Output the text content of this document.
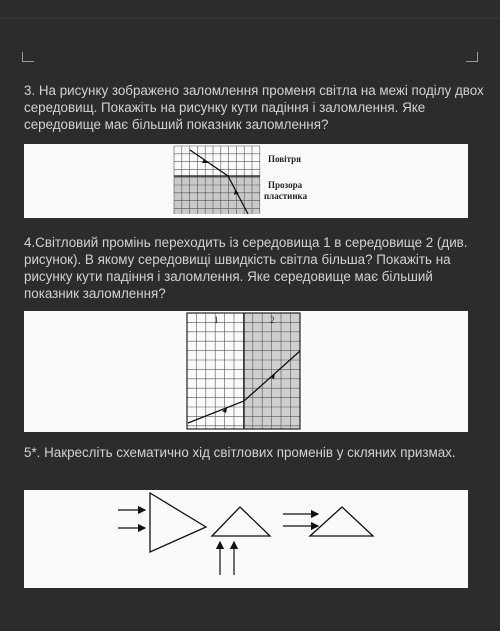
3. На рисунку зображено заломлення променя світла на межі поділу двох середовищ. Покажіть на рисунку кути падіння і заломлення. Яке середовище має більший показник заломлення?

Повітря
Прозора
пластинка

4.Світловий промінь переходить із середовища 1 в середовище 2 (див. рисунок). В якому середовищі швидкість світла більша? Покажіть на рисунку кути падіння і заломлення. Яке середовище має більший показник заломлення?

1	2

5*. Накресліть схематично хід світлових променів у скляних призмах.
